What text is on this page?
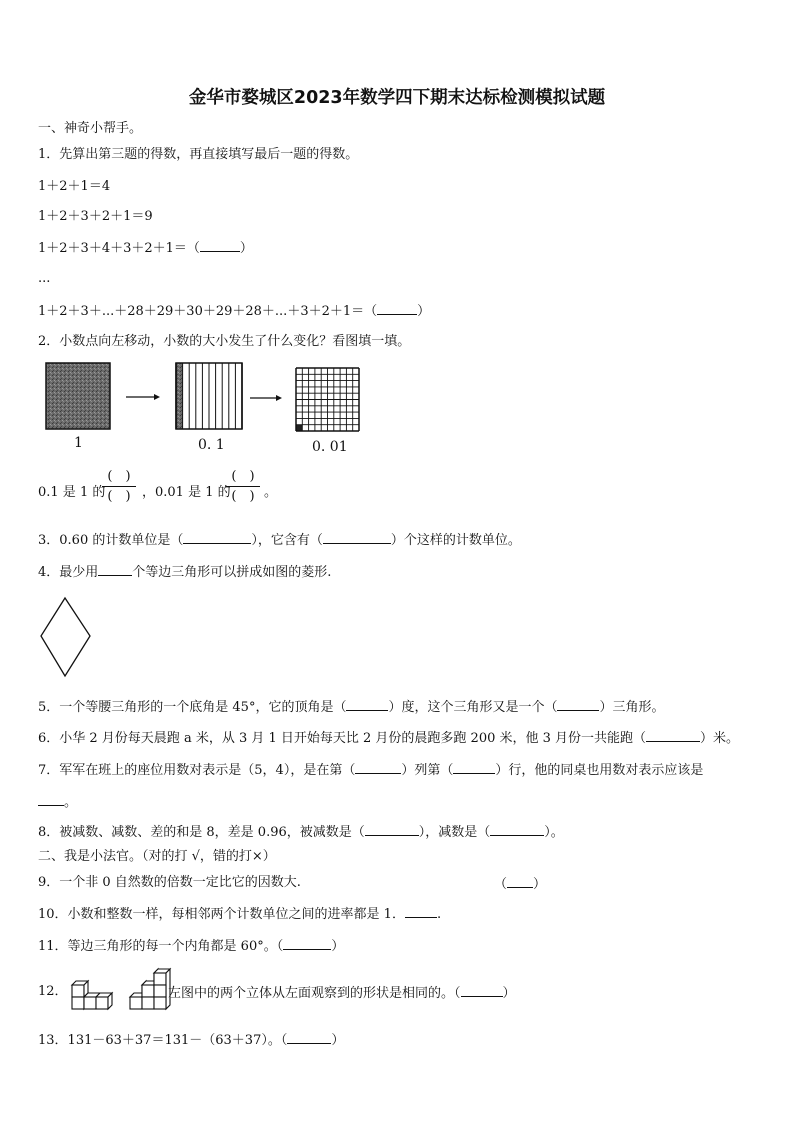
金华市婺城区2023年数学四下期末达标检测模拟试题
一、神奇小帮手。
1．先算出第三题的得数，再直接填写最后一题的得数。
1＋2＋1＝4
1＋2＋3＋2＋1＝9
1＋2＋3＋4＋3＋2＋1＝（	）
...
1＋2＋3＋...＋28＋29＋30＋29＋28＋...＋3＋2＋1＝（	）
2．小数点向左移动，小数的大小发生了什么变化？看图填一填。
1	0. 1	0. 01
0.1 是 1 的
(　)
(　) ，0.01 是 1 的
(　)
(　) 。
3．0.60 的计数单位是（	），它含有（	）个这样的计数单位。
4．最少用	个等边三角形可以拼成如图的菱形.
5．一个等腰三角形的一个底角是 45°，它的顶角是（	）度，这个三角形又是一个（	）三角形。
6．小华 2 月份每天晨跑 a 米，从 3 月 1 日开始每天比 2 月份的晨跑多跑 200 米，他 3 月份一共能跑（	）米。
7．军军在班上的座位用数对表示是（5，4），是在第（	）列第（	）行，他的同桌也用数对表示应该是
。
8．被减数、减数、差的和是 8，差是 0.96，被减数是（	），减数是（	）。
二、我是小法官。（对的打 √，错的打×）
9．一个非 0 自然数的倍数一定比它的因数大.	（ ）
10．小数和整数一样，每相邻两个计数单位之间的进率都是 1． .
11．等边三角形的每一个内角都是 60°。（	）
12．	左图中的两个立体从左面观察到的形状是相同的。（	）
13．131－63＋37＝131－（63＋37）。（	）
